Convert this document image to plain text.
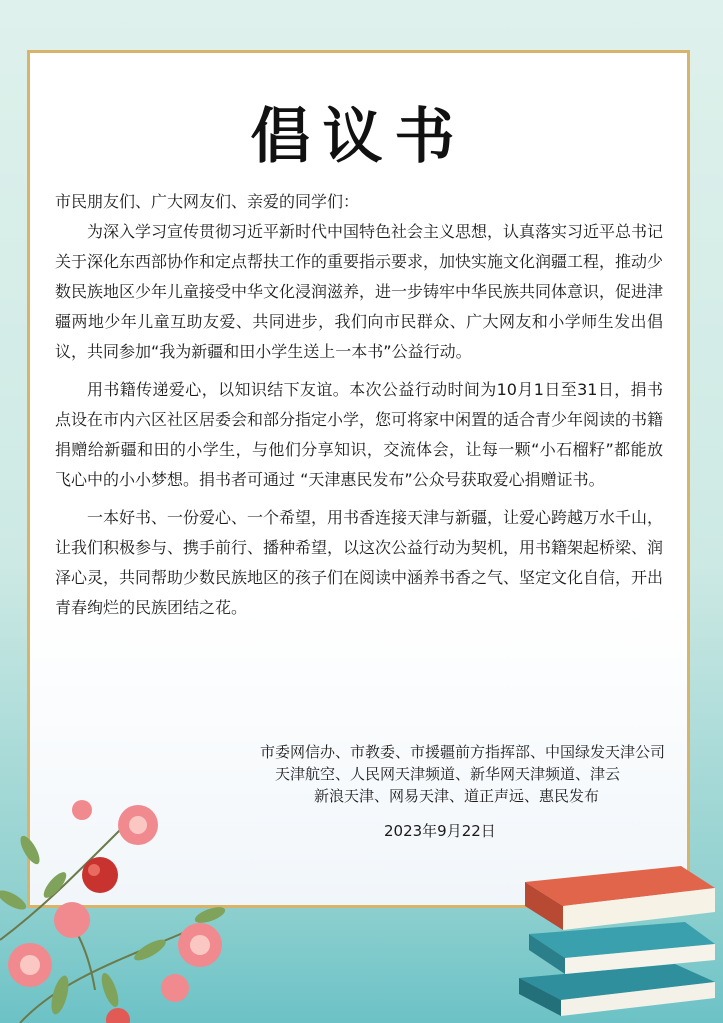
倡议书

市民朋友们、广大网友们、亲爱的同学们：

为深入学习宣传贯彻习近平新时代中国特色社会主义思想，认真落实习近平总书记关于深化东西部协作和定点帮扶工作的重要指示要求，加快实施文化润疆工程，推动少数民族地区少年儿童接受中华文化浸润滋养，进一步铸牢中华民族共同体意识，促进津疆两地少年儿童互助友爱、共同进步，我们向市民群众、广大网友和小学师生发出倡议，共同参加“我为新疆和田小学生送上一本书”公益行动。

用书籍传递爱心，以知识结下友谊。本次公益行动时间为10月1日至31日，捐书点设在市内六区社区居委会和部分指定小学，您可将家中闲置的适合青少年阅读的书籍捐赠给新疆和田的小学生，与他们分享知识，交流体会，让每一颗“小石榴籽”都能放飞心中的小小梦想。捐书者可通过 “天津惠民发布”公众号获取爱心捐赠证书。

一本好书、一份爱心、一个希望，用书香连接天津与新疆，让爱心跨越万水千山，让我们积极参与、携手前行、播种希望，以这次公益行动为契机，用书籍架起桥梁、润泽心灵，共同帮助少数民族地区的孩子们在阅读中涵养书香之气、坚定文化自信，开出青春绚烂的民族团结之花。

市委网信办、市教委、市援疆前方指挥部、中国绿发天津公司
天津航空、人民网天津频道、新华网天津频道、津云
新浪天津、网易天津、道正声远、惠民发布
2023年9月22日
